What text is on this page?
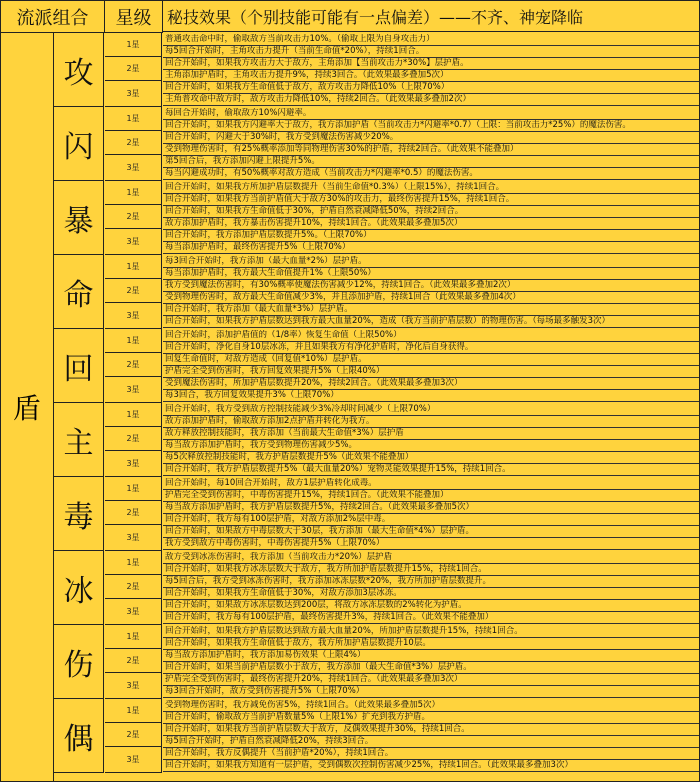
流派组合	星级 秘技效果（个别技能可能有一点偏差）——不齐、神宠降临
盾
攻
1星
2星
3星
普通攻击命中时，偷取敌方当前攻击力10%。（偷取上限为自身攻击力）
每5回合开始时，主角攻击力提升（当前生命值*20%），持续1回合。
回合开始时，如果我方攻击力大于敌方，主角添加【当前攻击力*30%】层护盾。
主角添加护盾时，主角攻击力提升9%，持续3回合。（此效果最多叠加5次）
回合开始时，如果我方生命值低于敌方，敌方攻击力降低10%（上限70%）
主角普攻命中敌方时，敌方攻击力降低10%，持续2回合。（此效果最多叠加2次）
闪
1星
2星
3星
每回合开始时，偷取敌方10%闪避率。
回合开始时，如果我方闪避率大于敌方，我方添加护盾（当前攻击力*闪避率*0.7）（上限：当前攻击力*25%）的魔法伤害。
回合开始时，闪避大于30%时，我方受到魔法伤害减少20%。
受到物理伤害时，有25%概率添加等同物理伤害30%的护盾，持续2回合。（此效果不能叠加）
第5回合后，我方添加闪避上限提升5%。
每当闪避成功时，有50%概率对敌方造成（当前攻击力*闪避率*0.5）的魔法伤害。
暴
1星
2星
3星
回合开始时，如果我方所加护盾层数提升（当前生命值*0.3%）（上限15%），持续1回合。
回合开始时，如果我方当前护盾值大于敌方30%的攻击力，最终伤害提升15%，持续1回合。
回合开始时，如果我方生命值低于30%，护盾自然衰减降低50%，持续2回合。
敌方添加护盾时，我方暴击伤害提升10%，持续1回合。（此效果最多叠加5次）
回合开始时，我方添加护盾层数提升5%。（上限70%）
每当添加护盾时，最终伤害提升5%（上限70%）
命
1星
2星
3星
每3回合开始时，我方添加（最大血量*2%）层护盾。
每当添加护盾时，我方最大生命值提升1%（上限50%）
我方受到魔法伤害时，有30%概率使魔法伤害减少12%，持续1回合。（此效果最多叠加2次）
受到物理伤害时，敌方最大生命值减少3%，并且添加护盾，持续1回合（此效果最多叠加4次）
回合开始时，我方添加（最大血量*3%）层护盾。
回合开始时，如果我方护盾层数达到我方最大血量20%，造成（我方当前护盾层数）的物理伤害。（每场最多触发3次）
回
1星
2星
3星
回合开始时，添加护盾值的（1/8率）恢复生命值（上限50%）
回合开始时，净化自身10层冰冻，并且如果我方有净化护盾时，净化后自身获得。
回复生命值时，对敌方造成（回复值*10%）层护盾。
护盾完全受到伤害时，我方回复效果提升5%（上限40%）
受到魔法伤害时，所加护盾层数提升20%，持续2回合。（此效果最多叠加3次）
每3回合，我方回复效果提升3%（上限70%）
主
1星
2星
3星
回合开始时，我方受到敌方控制技能减少3%冷却时间减少（上限70%）
敌方添加护盾时，偷取敌方添加2点护盾并转化为我方。
敌方释放控制技能时，我方添加（当前最大生命值*3%）层护盾
每当敌方添加护盾时，我方受到物理伤害减少5%。
每5次释放控制技能时，我方护盾层数提升5%（此效果不能叠加）
回合开始时，我方护盾层数提升5%（最大血量20%）宠物灵能效果提升15%，持续1回合。
毒
1星
2星
3星
回合开始时，每10回合开始时，敌方1层护盾转化成毒。
护盾完全受到伤害时，中毒伤害提升15%，持续1回合。（此效果不能叠加）
每当敌方添加护盾时，我方护盾层数提升5%，持续2回合。（此效果最多叠加5次）
回合开始时，我方每有100层护盾，对敌方添加2%层中毒。
回合开始时，如果敌方中毒层数大于30层，我方添加（最大生命值*4%）层护盾。
我方受到敌方中毒伤害时，中毒伤害提升5%（上限70%）
冰
1星
2星
3星
敌方受到冰冻伤害时，我方添加（当前攻击力*20%）层护盾
回合开始时，如果我方冰冻层数大于敌方，我方所加护盾层数提升15%，持续1回合。
每5回合后，我方受到冰冻伤害时，我方添加冰冻层数*20%，我方所加护盾层数提升。
回合开始时，如果我方生命值低于30%，对敌方添加3层冰冻。
回合开始时，如果敌方冰冻层数达到200层，将敌方冰冻层数的2%转化为护盾。
回合开始时，我方每有100层护盾，最终伤害提升3%，持续1回合。（此效果不能叠加）
伤
1星
2星
3星
回合开始时，如果我方护盾层数达到敌方最大血量20%，所加护盾层数提升15%，持续1回合。
回合开始时，如果我方生命值低于敌方，我方所加护盾层数提升10层。
每当敌方添加护盾时，我方添加易伤效果（上限4%）
回合开始时，如果当前护盾层数小于敌方，我方添加（最大生命值*3%）层护盾。
护盾完全受到伤害时，最终伤害提升20%，持续1回合。（此效果最多叠加3次）
每3回合开始时，敌方受到伤害提升5%（上限70%）
偶
1星
2星
3星
受到物理伤害时，我方减免伤害5%，持续1回合。（此效果最多叠加5次）
回合开始时，偷取敌方当前护盾数量5%（上限1%）扩充到我方护盾。
回合开始时，如果我方当前护盾层数大于敌方，反偶效果提升30%，持续1回合。
每5回合开始时，护盾自然衰减降低20%，持续3回合。
回合开始时，我方反偶提升（当前护盾*20%），持续1回合。
回合开始时，如果我方知道有一层护盾，受到偶数次控制伤害减少25%，持续1回合。（此效果最多叠加3次）
